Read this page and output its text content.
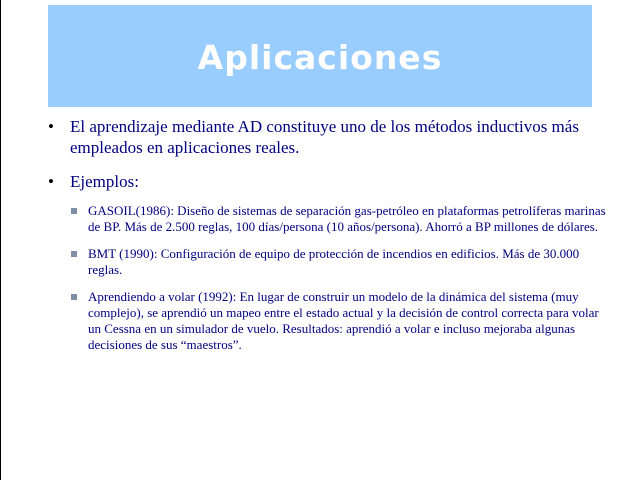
Aplicaciones
• El aprendizaje mediante AD constituye uno de los métodos inductivos más empleados en aplicaciones reales.
• Ejemplos:
GASOIL(1986): Diseño de sistemas de separación gas-petróleo en plataformas petrolíferas marinas de BP. Más de 2.500 reglas, 100 días/persona (10 años/persona). Ahorró a BP millones de dólares.
BMT (1990): Configuración de equipo de protección de incendios en edificios. Más de 30.000 reglas.
Aprendiendo a volar (1992): En lugar de construir un modelo de la dinámica del sistema (muy complejo), se aprendió un mapeo entre el estado actual y la decisión de control correcta para volar un Cessna en un simulador de vuelo. Resultados: aprendió a volar e incluso mejoraba algunas decisiones de sus “maestros”.
